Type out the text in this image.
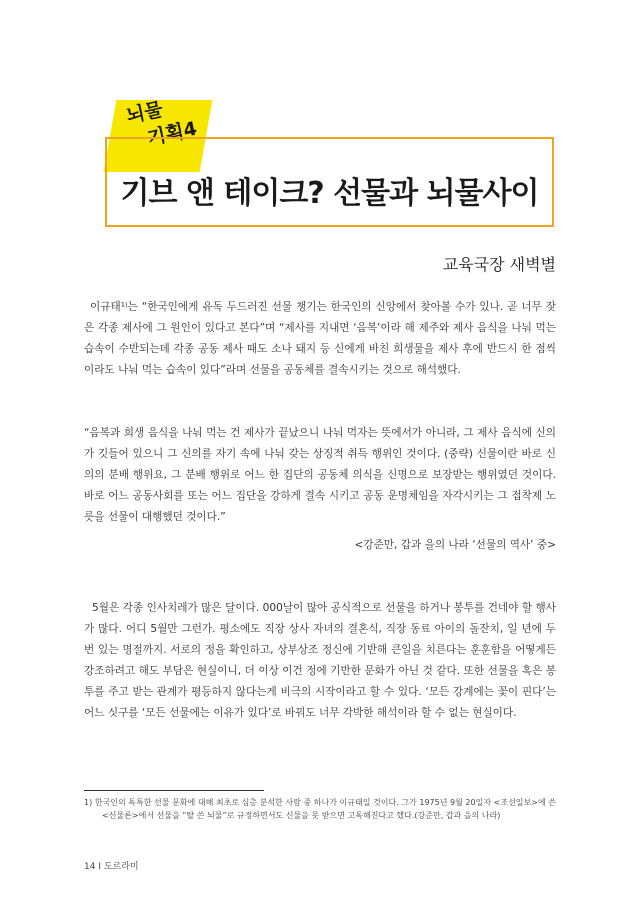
뇌물
기획4
기브 앤 테이크? 선물과 뇌물사이

교육국장 새벽별

이규태¹⁾는 “한국인에게 유독 두드러진 선물 챙기는 한국인의 신앙에서 찾아볼 수가 있나. 곧 너무 잦은 각종 제사에 그 원인이 있다고 본다”며 “제사를 지내면 ‘음복’이라 해 제주와 제사 음식을 나눠 먹는 습속이 수반되는데 각종 공동 제사 때도 소나 돼지 등 신에게 바친 희생물을 제사 후에 반드시 한 점씩이라도 나눠 먹는 습속이 있다”라며 선물을 공동체를 결속시키는 것으로 해석했다.

“음복과 희생 음식을 나눠 먹는 건 제사가 끝났으니 나눠 먹자는 뜻에서가 아니라, 그 제사 음식에 신의가 깃들어 있으니 그 신의를 자기 속에 나눠 갖는 상징적 취득 행위인 것이다. (중략) 신물이란 바로 신의의 분배 행위요, 그 분배 행위로 어느 한 집단의 공동체 의식을 신명으로 보장받는 행위였던 것이다. 바로 어느 공동사회를 또는 어느 집단을 강하게 결속 시키고 공동 운명체임을 자각시키는 그 접착제 노릇을 선물이 대행했던 것이다.”

<강준만, 갑과 을의 나라 ‘선물의 역사’ 중>

5월은 각종 인사치레가 많은 달이다. 000날이 많아 공식적으로 선물을 하거나 봉투를 건네야 할 행사가 많다. 어디 5월만 그런가. 평소에도 직장 상사 자녀의 결혼식, 직장 동료 아이의 돌잔치, 일 년에 두 번 있는 명절까지. 서로의 정을 확인하고, 상부상조 정신에 기반해 큰일을 치른다는 훈훈함을 어떻게든 강조하려고 해도 부담은 현실이니, 더 이상 이건 정에 기반한 문화가 아닌 것 같다. 또한 선물을 혹은 봉투를 주고 받는 관계가 평등하지 않다는게 비극의 시작이라고 할 수 있다. ‘모든 강계에는 꽃이 핀다’는 어느 싯구를 ‘모든 선물에는 이유가 있다’로 바꿔도 너무 각박한 해석이라 할 수 없는 현실이다.

1) 한국인의 독특한 선물 문화에 대해 최초로 심층 분석한 사람 중 하나가 이규태일 것이다. 그가 1975년 9월 20일자 <조선일보>에 쓴 <신물론>에서 선물을 “탈 쓴 뇌물”로 규정하면서도 신물을 못 받으면 고독해진다고 했다.(강준만, 갑과 을의 나라)

14 I 도르라미
